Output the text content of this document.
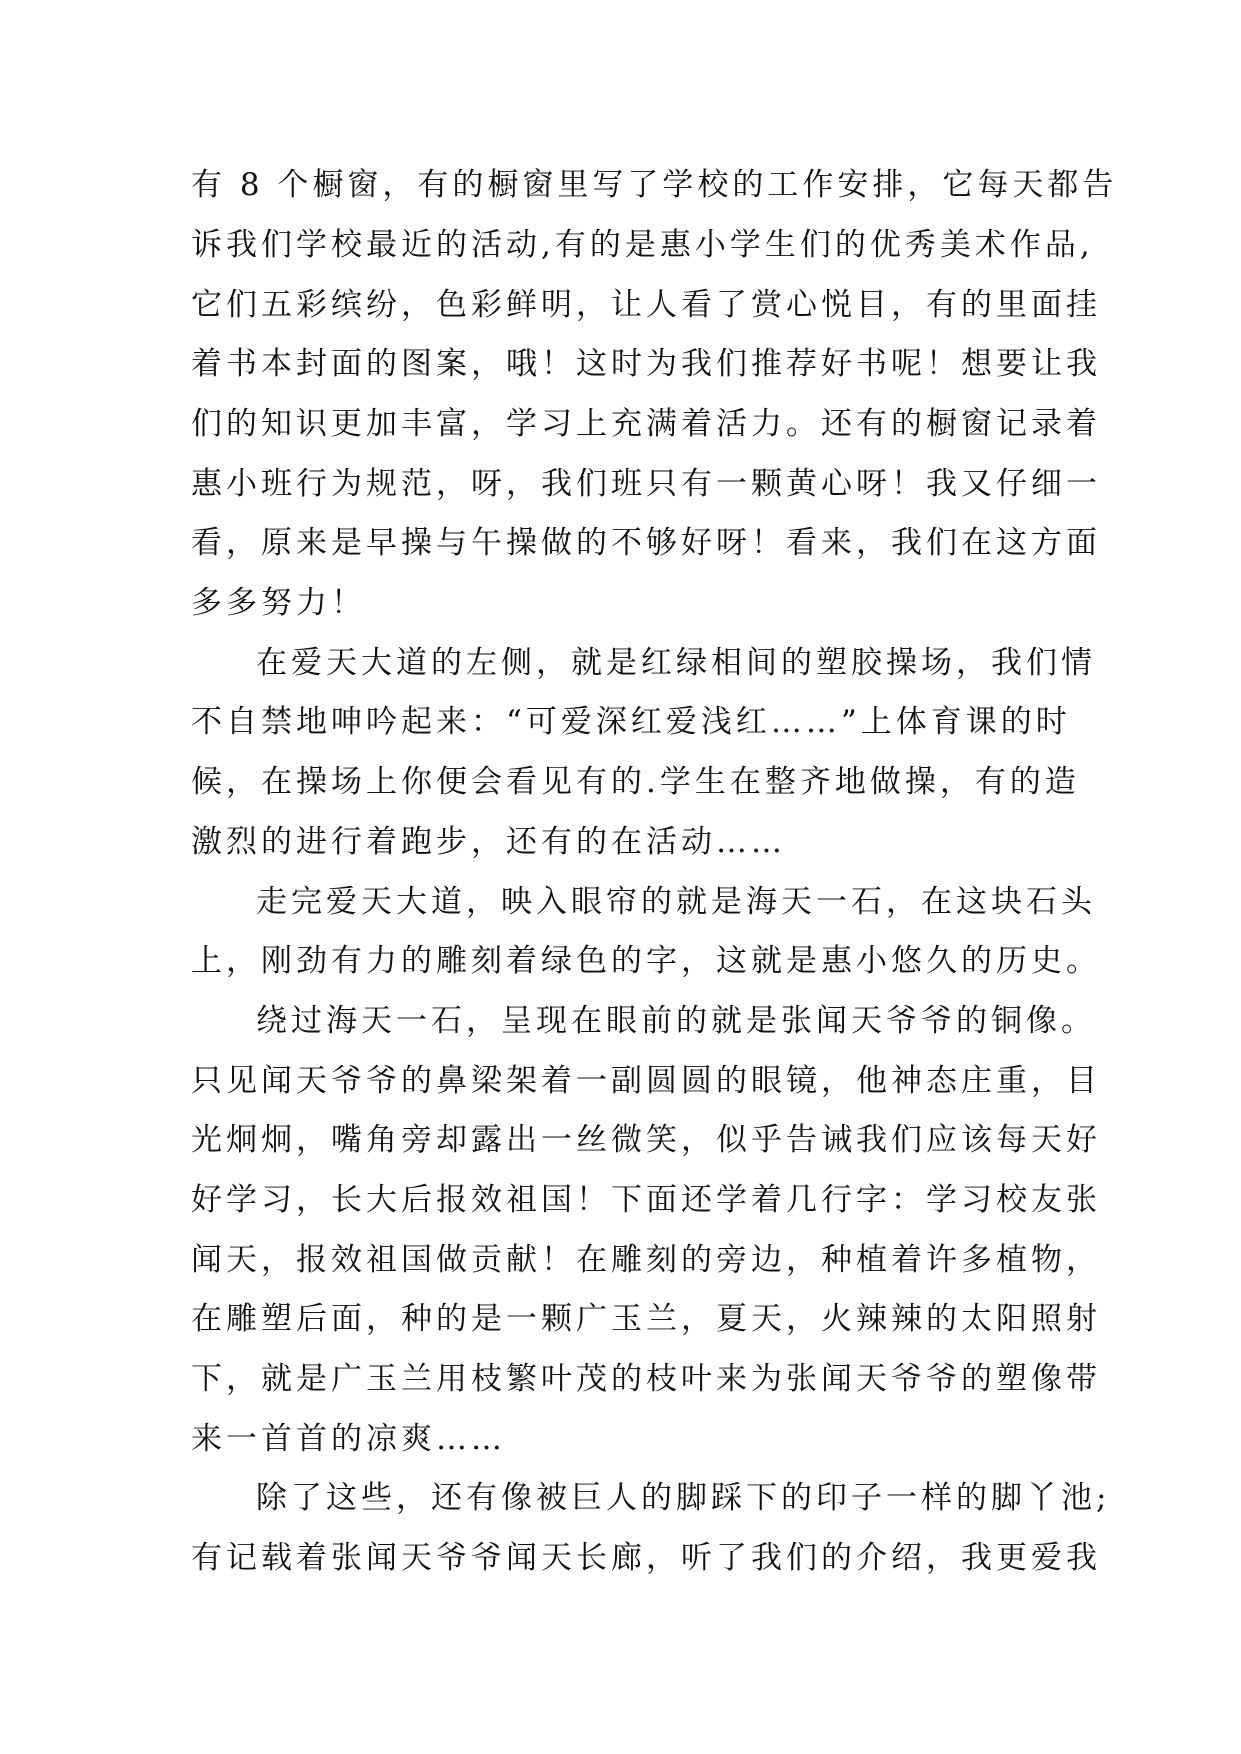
有 8 个橱窗，有的橱窗里写了学校的工作安排，它每天都告
诉我们学校最近的活动,有的是惠小学生们的优秀美术作品,
它们五彩缤纷，色彩鲜明，让人看了赏心悦目，有的里面挂
着书本封面的图案，哦！这时为我们推荐好书呢！想要让我
们的知识更加丰富，学习上充满着活力。还有的橱窗记录着
惠小班行为规范，呀，我们班只有一颗黄心呀！我又仔细一
看，原来是早操与午操做的不够好呀！看来，我们在这方面
多多努力！
在爱天大道的左侧，就是红绿相间的塑胶操场，我们情
不自禁地呻吟起来：“可爱深红爱浅红……”上体育课的时
候，在操场上你便会看见有的.学生在整齐地做操，有的造
激烈的进行着跑步，还有的在活动……
走完爱天大道，映入眼帘的就是海天一石，在这块石头
上，刚劲有力的雕刻着绿色的字，这就是惠小悠久的历史。
绕过海天一石，呈现在眼前的就是张闻天爷爷的铜像。
只见闻天爷爷的鼻梁架着一副圆圆的眼镜，他神态庄重，目
光炯炯，嘴角旁却露出一丝微笑，似乎告诫我们应该每天好
好学习，长大后报效祖国！下面还学着几行字：学习校友张
闻天，报效祖国做贡献！在雕刻的旁边，种植着许多植物，
在雕塑后面，种的是一颗广玉兰，夏天，火辣辣的太阳照射
下，就是广玉兰用枝繁叶茂的枝叶来为张闻天爷爷的塑像带
来一首首的凉爽……
除了这些，还有像被巨人的脚踩下的印子一样的脚丫池;
有记载着张闻天爷爷闻天长廊，听了我们的介绍，我更爱我
